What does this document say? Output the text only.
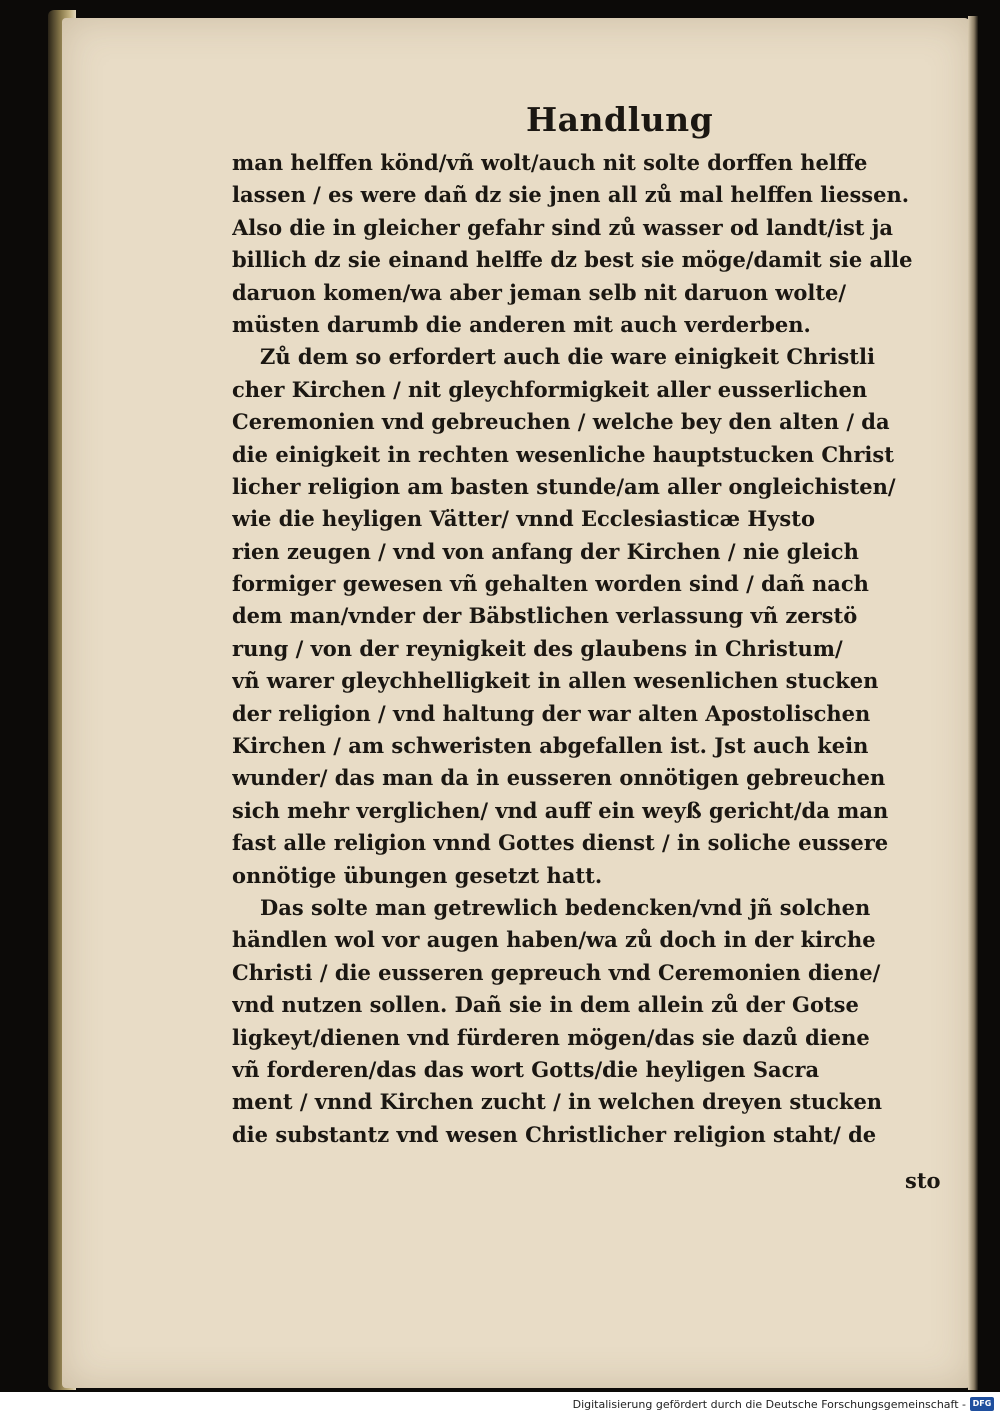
Handlung
man helffen könd/vñ wolt/auch nit solte dorffen helffe
lassen / es were dañ dz sie jnen all zů mal helffen liessen.
Also die in gleicher gefahr sind zů wasser od landt/ist ja
billich dz sie einand helffe dz best sie möge/damit sie alle
daruon komen/wa aber jeman selb nit daruon wolte/
müsten darumb die anderen mit auch verderben.
Zů dem so erfordert auch die ware einigkeit Christli
cher Kirchen / nit gleychformigkeit aller eusserlichen
Ceremonien vnd gebreuchen / welche bey den alten / da
die einigkeit in rechten wesenliche hauptstucken Christ
licher religion am basten stunde/am aller ongleichisten/
wie die heyligen Vätter/ vnnd Ecclesiasticæ Hysto
rien zeugen / vnd von anfang der Kirchen / nie gleich
formiger gewesen vñ gehalten worden sind / dañ nach
dem man/vnder der Bäbstlichen verlassung vñ zerstö
rung / von der reynigkeit des glaubens in Christum/
vñ warer gleychhelligkeit in allen wesenlichen stucken
der religion / vnd haltung der war alten Apostolischen
Kirchen / am schweristen abgefallen ist. Jst auch kein
wunder/ das man da in eusseren onnötigen gebreuchen
sich mehr verglichen/ vnd auff ein weyß gericht/da man
fast alle religion vnnd Gottes dienst / in soliche eussere
onnötige übungen gesetzt hatt.
Das solte man getrewlich bedencken/vnd jñ solchen
händlen wol vor augen haben/wa zů doch in der kirche
Christi / die eusseren gepreuch vnd Ceremonien diene/
vnd nutzen sollen. Dañ sie in dem allein zů der Gotse
ligkeyt/dienen vnd fürderen mögen/das sie dazů diene
vñ forderen/das das wort Gotts/die heyligen Sacra
ment / vnnd Kirchen zucht / in welchen dreyen stucken
die substantz vnd wesen Christlicher religion staht/ de
sto
Digitalisierung gefördert durch die Deutsche Forschungsgemeinschaft - DFG
